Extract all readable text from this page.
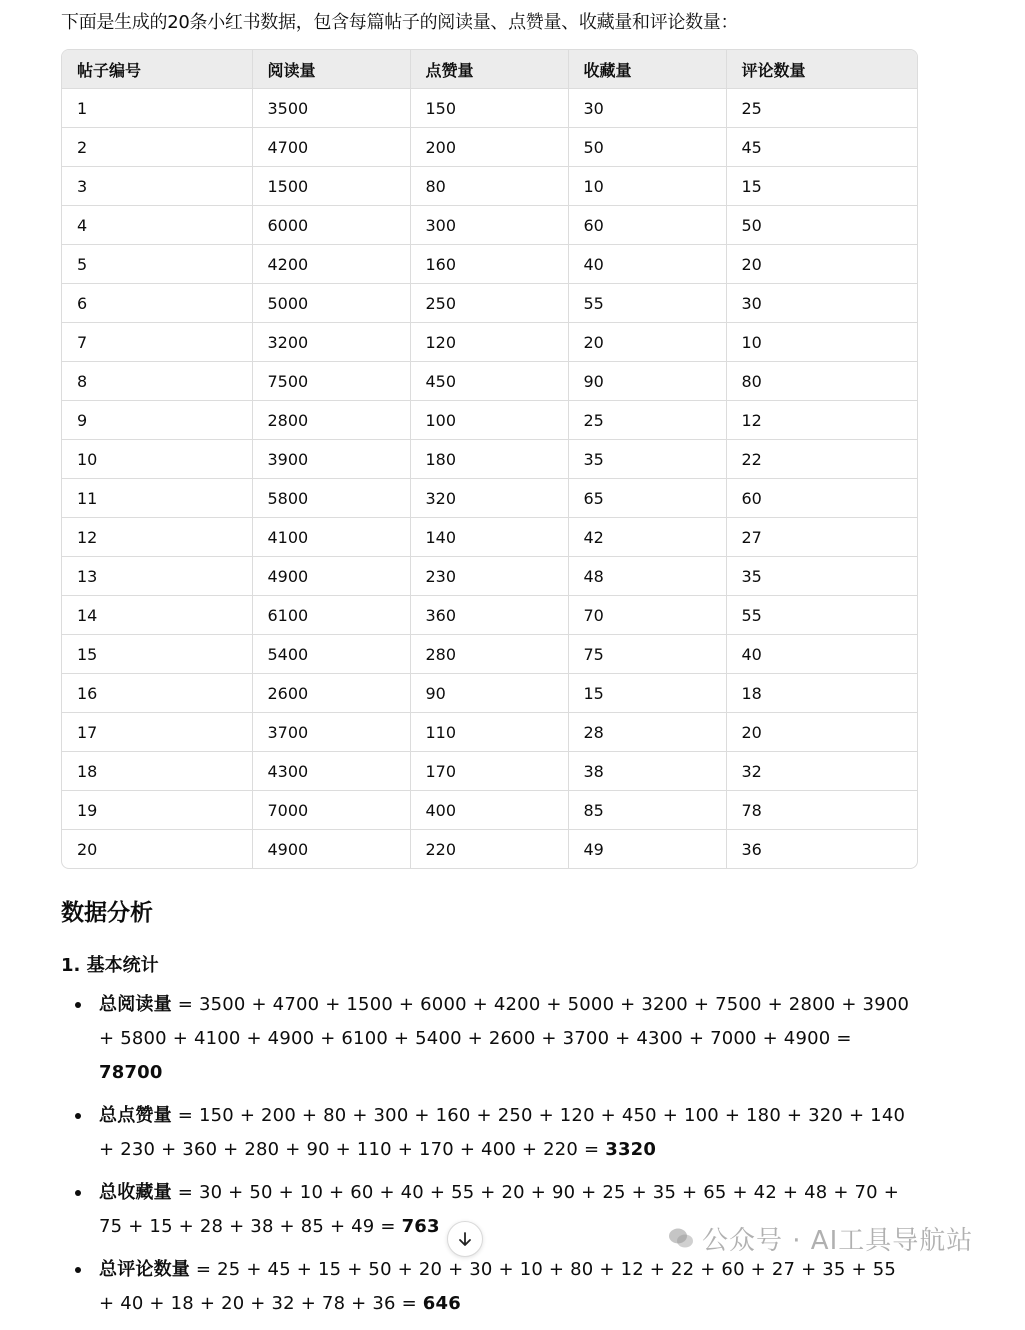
下面是生成的20条小红书数据，包含每篇帖子的阅读量、点赞量、收藏量和评论数量：

帖子编号	阅读量	点赞量	收藏量	评论数量
1	3500	150	30	25
2	4700	200	50	45
3	1500	80	10	15
4	6000	300	60	50
5	4200	160	40	20
6	5000	250	55	30
7	3200	120	20	10
8	7500	450	90	80
9	2800	100	25	12
10	3900	180	35	22
11	5800	320	65	60
12	4100	140	42	27
13	4900	230	48	35
14	6100	360	70	55
15	5400	280	75	40
16	2600	90	15	18
17	3700	110	28	20
18	4300	170	38	32
19	7000	400	85	78
20	4900	220	49	36
数据分析
1. 基本统计
总阅读量 = 3500 + 4700 + 1500 + 6000 + 4200 + 5000 + 3200 + 7500 + 2800 + 3900 + 5800 + 4100 + 4900 + 6100 + 5400 + 2600 + 3700 + 4300 + 7000 + 4900 = 78700
总点赞量 = 150 + 200 + 80 + 300 + 160 + 250 + 120 + 450 + 100 + 180 + 320 + 140 + 230 + 360 + 280 + 90 + 110 + 170 + 400 + 220 = 3320
总收藏量 = 30 + 50 + 10 + 60 + 40 + 55 + 20 + 90 + 25 + 35 + 65 + 42 + 48 + 70 + 75 + 15 + 28 + 38 + 85 + 49 = 763
总评论数量 = 25 + 45 + 15 + 50 + 20 + 30 + 10 + 80 + 12 + 22 + 60 + 27 + 35 + 55 + 40 + 18 + 20 + 32 + 78 + 36 = 646
公众号 · AI工具导航站
